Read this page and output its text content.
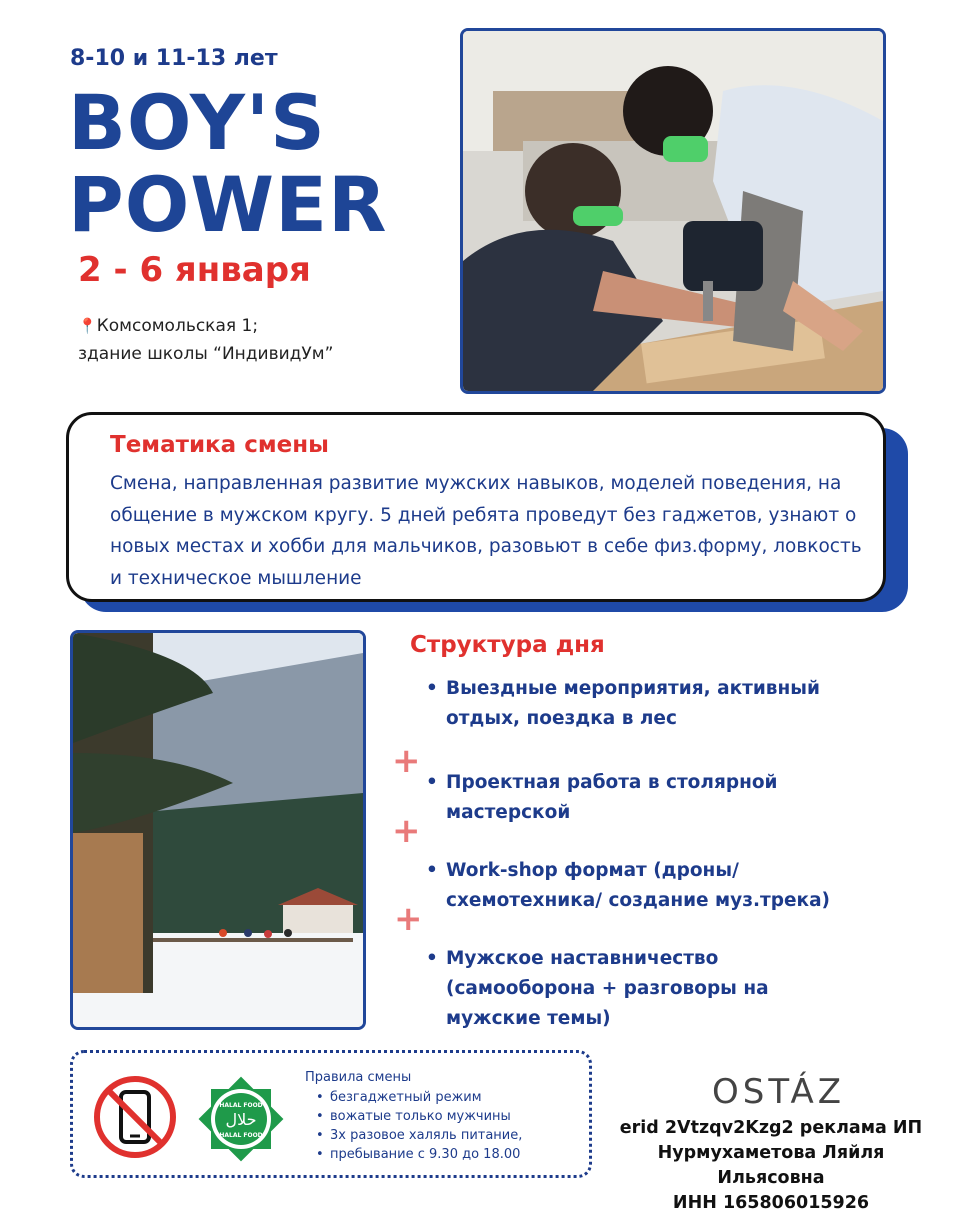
8-10 и 11-13 лет
BOY'S
POWER
2 - 6 января
📍Комсомольская 1;
здание школы “ИндивидУм”
Тематика смены
Смена, направленная развитие мужских навыков, моделей поведения, на общение в мужском кругу. 5 дней ребята проведут без гаджетов, узнают о новых местах и хобби для мальчиков, разовьют в себе физ.форму, ловкость и техническое мышление
Структура дня
• Выездные мероприятия, активный
отдых, поездка в лес
+
• Проектная работа в столярной
мастерской
+
• Work-shop формат (дроны/
схемотехника/ создание муз.трека)
+
• Мужское наставничество
(самооборона + разговоры на
мужские темы)
حلال
HALAL FOOD
HALAL FOOD
Правила смены
• безгаджетный режим
• вожатые только мужчины
• 3х разовое халяль питание,
• пребывание с 9.30 до 18.00
OSTÁZ
erid 2Vtzqv2Kzg2 реклама ИП
Нурмухаметова Ляйля Ильясовна
ИНН 165806015926
